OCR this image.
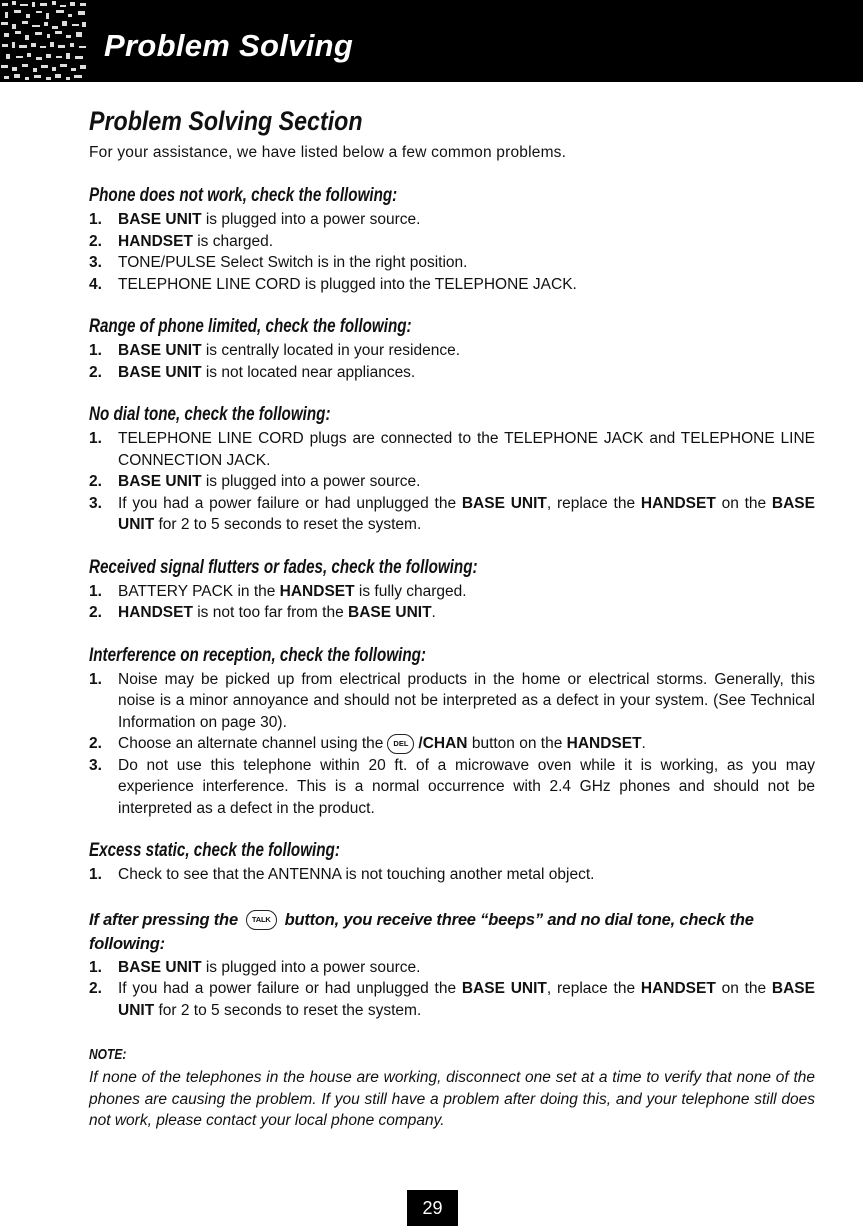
Problem Solving
Problem Solving Section

For your assistance, we have listed below a few common problems.

Phone does not work, check the following:
1. BASE UNIT is plugged into a power source.
2. HANDSET is charged.
3. TONE/PULSE Select Switch is in the right position.
4. TELEPHONE LINE CORD is plugged into the TELEPHONE JACK.
Range of phone limited, check the following:
1. BASE UNIT is centrally located in your residence.
2. BASE UNIT is not located near appliances.
No dial tone, check the following:
1. TELEPHONE LINE CORD plugs are connected to the TELEPHONE JACK and TELEPHONE LINE CONNECTION JACK.
2. BASE UNIT is plugged into a power source.
3. If you had a power failure or had unplugged the BASE UNIT, replace the HANDSET on the BASE UNIT for 2 to 5 seconds to reset the system.
Received signal flutters or fades, check the following:
1. BATTERY PACK in the HANDSET is fully charged.
2. HANDSET is not too far from the BASE UNIT.
Interference on reception, check the following:
1. Noise may be picked up from electrical products in the home or electrical storms. Generally, this noise is a minor annoyance and should not be interpreted as a defect in your system. (See Technical Information on page 30).
2. Choose an alternate channel using the DEL /CHAN button on the HANDSET.
3. Do not use this telephone within 20 ft. of a microwave oven while it is working, as you may experience interference. This is a normal occurrence with 2.4 GHz phones and should not be interpreted as a defect in the product.
Excess static, check the following:
1. Check to see that the ANTENNA is not touching another metal object.
If after pressing the TALK button, you receive three “beeps” and no dial tone, check the following:
1. BASE UNIT is plugged into a power source.
2. If you had a power failure or had unplugged the BASE UNIT, replace the HANDSET on the BASE UNIT for 2 to 5 seconds to reset the system.
NOTE:

If none of the telephones in the house are working, disconnect one set at a time to verify that none of the phones are causing the problem. If you still have a problem after doing this, and your telephone still does not work, please contact your local phone company.

29
